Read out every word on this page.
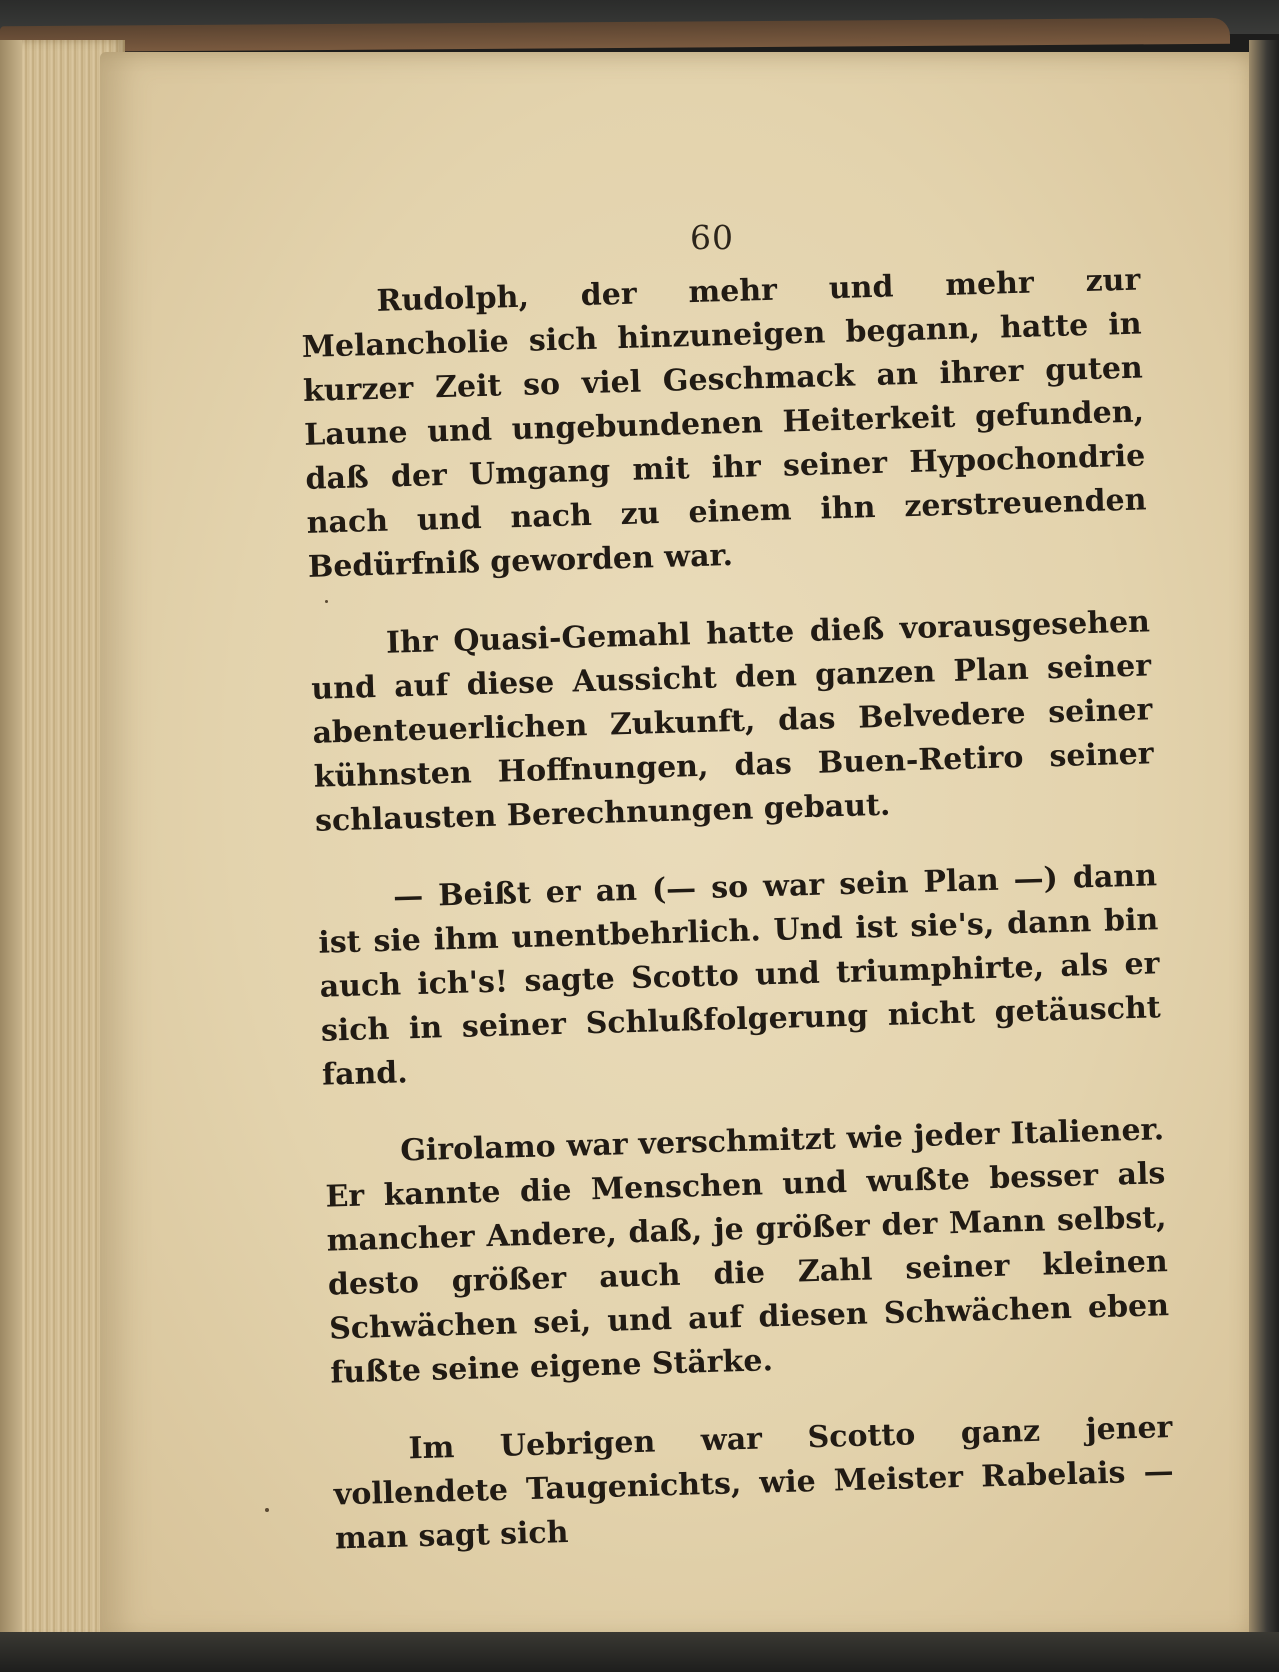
60

Rudolph, der mehr und mehr zur Melancholie sich hinzuneigen begann, hatte in kurzer Zeit so viel Geschmack an ihrer guten Laune und ungebundenen Heiterkeit gefunden, daß der Umgang mit ihr seiner Hypochondrie nach und nach zu einem ihn zerstreuenden Bedürfniß geworden war.

Ihr Quasi-Gemahl hatte dieß vorausgesehen und auf diese Aussicht den ganzen Plan seiner abenteuerlichen Zukunft, das Belvedere seiner kühnsten Hoffnungen, das Buen-Retiro seiner schlausten Berechnungen gebaut.

— Beißt er an (— so war sein Plan —) dann ist sie ihm unentbehrlich. Und ist sie's, dann bin auch ich's! sagte Scotto und triumphirte, als er sich in seiner Schlußfolgerung nicht getäuscht fand.

Girolamo war verschmitzt wie jeder Italiener. Er kannte die Menschen und wußte besser als mancher Andere, daß, je größer der Mann selbst, desto größer auch die Zahl seiner kleinen Schwächen sei, und auf diesen Schwächen eben fußte seine eigene Stärke.

Im Uebrigen war Scotto ganz jener vollendete Taugenichts, wie Meister Rabelais — man sagt sich
